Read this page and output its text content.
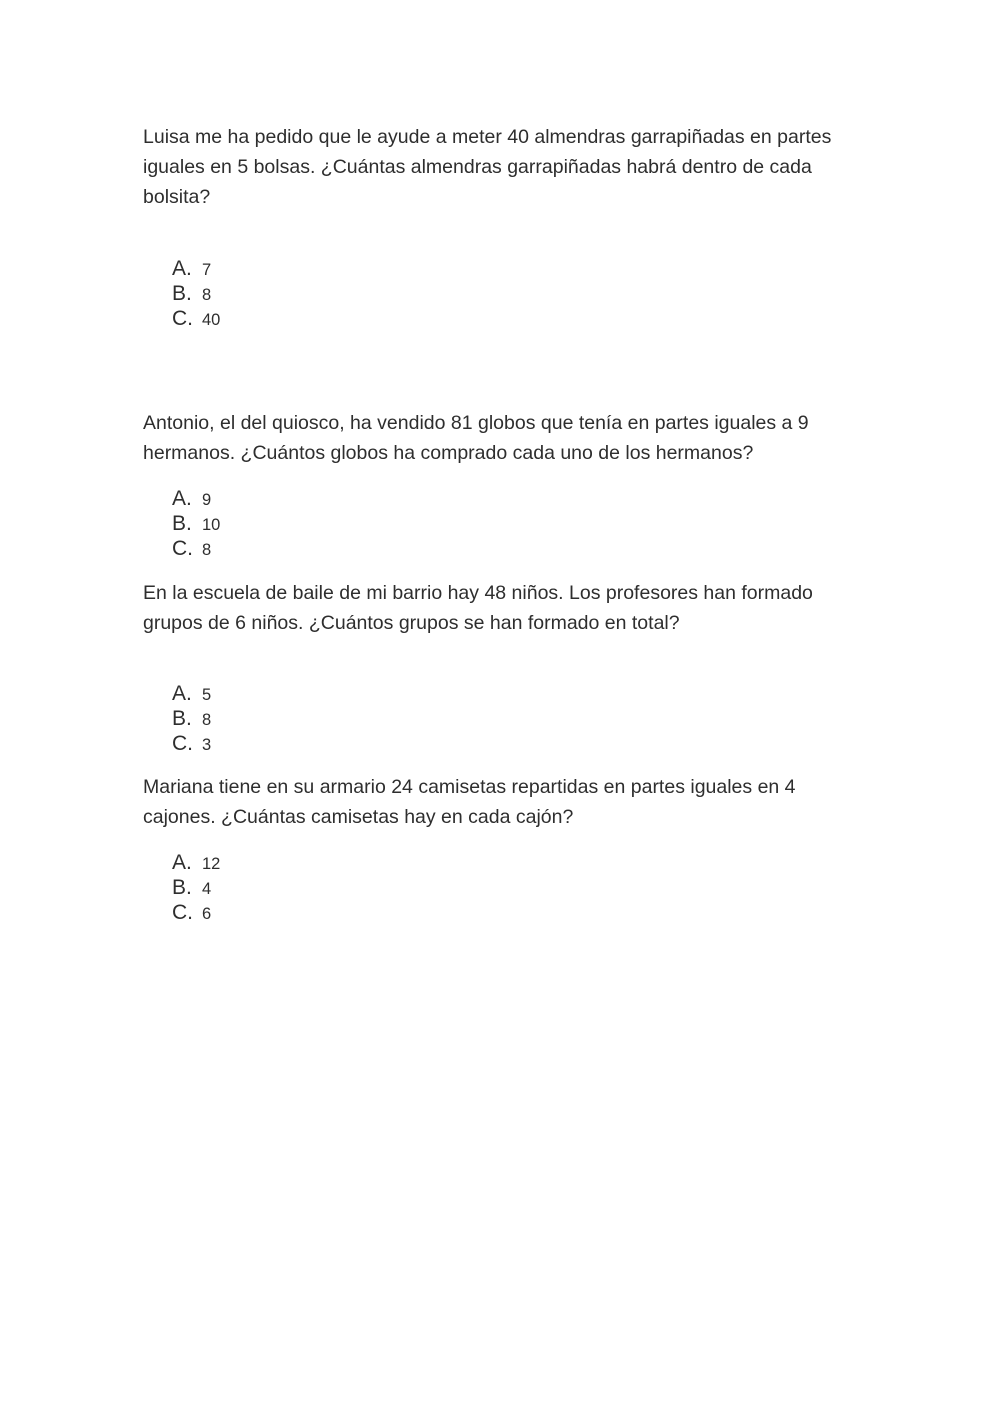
Luisa me ha pedido que le ayude a meter 40 almendras garrapiñadas en partes iguales en 5 bolsas. ¿Cuántas almendras garrapiñadas habrá dentro de cada bolsita?

A. 7
B. 8
C. 40

Antonio, el del quiosco, ha vendido 81 globos que tenía en partes iguales a 9 hermanos. ¿Cuántos globos ha comprado cada uno de los hermanos?

A. 9
B. 10
C. 8

En la escuela de baile de mi barrio hay 48 niños. Los profesores han formado grupos de 6 niños. ¿Cuántos grupos se han formado en total?

A. 5
B. 8
C. 3

Mariana tiene en su armario 24 camisetas repartidas en partes iguales en 4 cajones. ¿Cuántas camisetas hay en cada cajón?

A. 12
B. 4
C. 6
